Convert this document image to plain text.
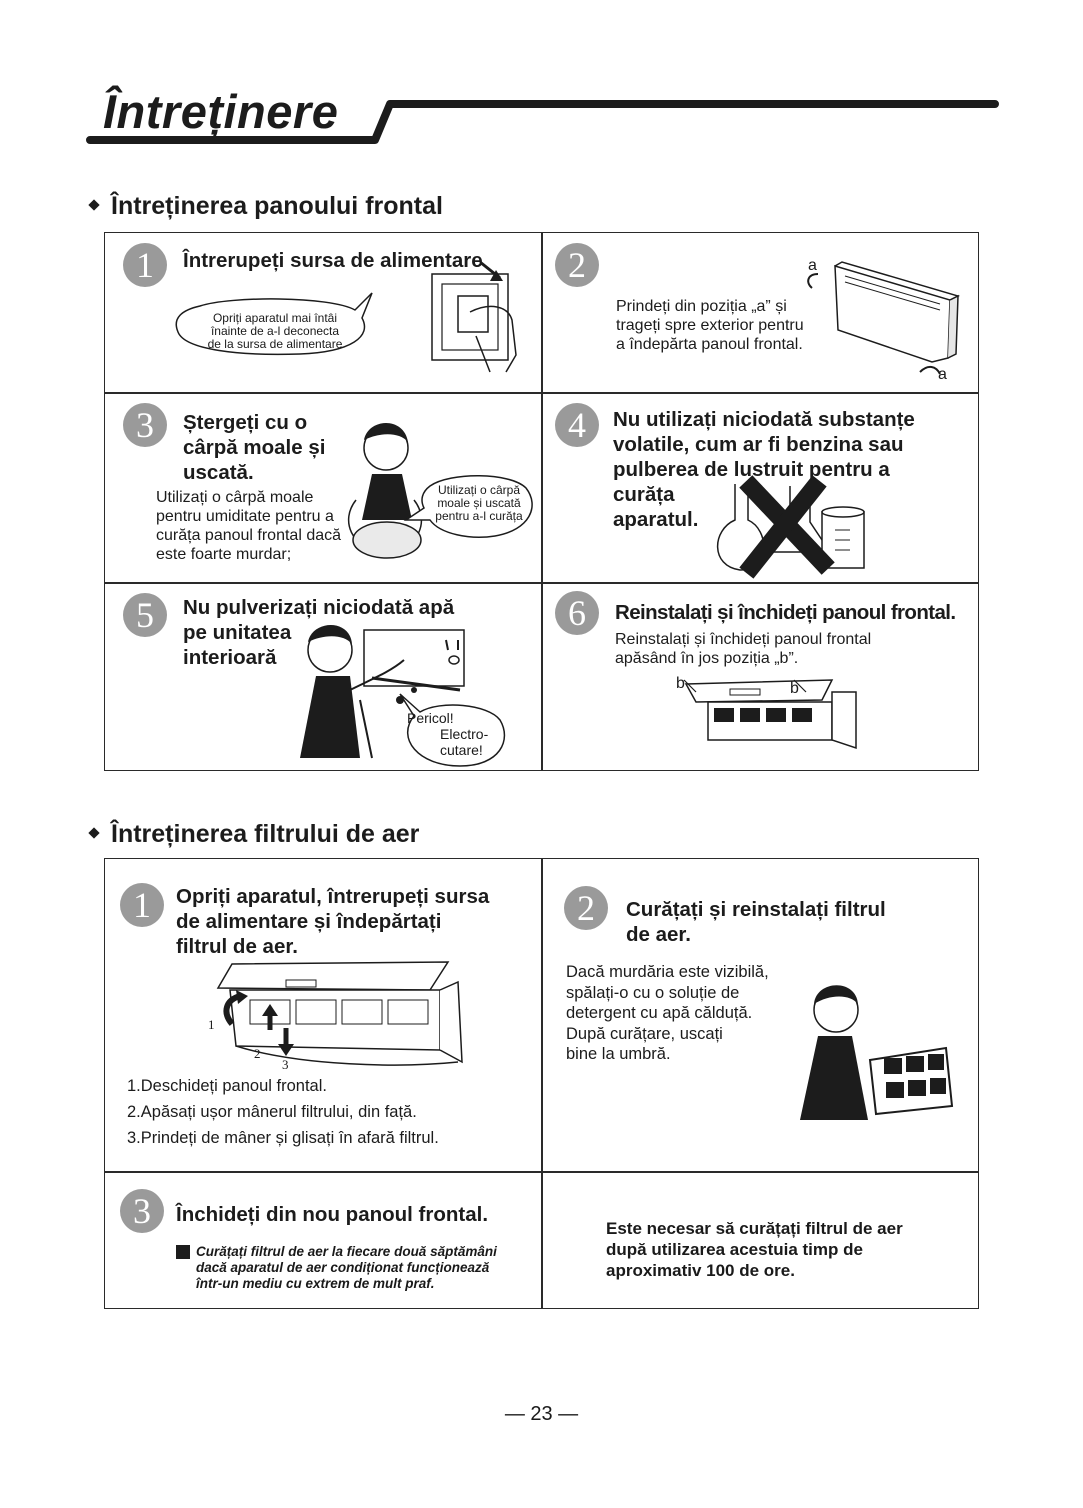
Întreținere
Întreținerea panoului frontal
1	Întrerupeți sursa de alimentare
Opriți aparatul mai întâi
înainte de a-l deconecta
de la sursa de alimentare
2
Prindeți din poziția „a” și
trageți spre exterior pentru
a îndepărta panoul frontal.
a
a
3	Ștergeți cu o
cârpă moale și
uscată.
Utilizați o cârpă moale
pentru umiditate pentru a
curăța panoul frontal dacă
este foarte murdar;
Utilizați o cârpă
moale și uscată
pentru a-l curăța
4	Nu utilizați niciodată substanțe
volatile, cum ar fi benzina sau
pulberea de lustruit pentru a
curăța
aparatul.
5	Nu pulverizați niciodată apă
pe unitatea
interioară
Pericol!
Electro-
cutare!
6	Reinstalați și închideți panoul frontal.
Reinstalați și închideți panoul frontal
apăsând în jos poziția „b”.
b	b
Întreținerea filtrului de aer
1	Opriți aparatul, întrerupeți sursa
de alimentare și îndepărtați
filtrul de aer.
1
2
3
1.Deschideți panoul frontal.
2.Apăsați ușor mânerul filtrului, din față.
3.Prindeți de mâner și glisați în afară filtrul.
2	Curățați și reinstalați filtrul
de aer.
Dacă murdăria este vizibilă,
spălați-o cu o soluție de
detergent cu apă călduță.
După curățare, uscați
bine la umbră.
3	Închideți din nou panoul frontal.
Curățați filtrul de aer la fiecare două săptămâni
dacă aparatul de aer condiționat funcționează
într-un mediu cu extrem de mult praf.
Este necesar să curățați filtrul de aer
după utilizarea acestuia timp de
aproximativ 100 de ore.
— 23 —
